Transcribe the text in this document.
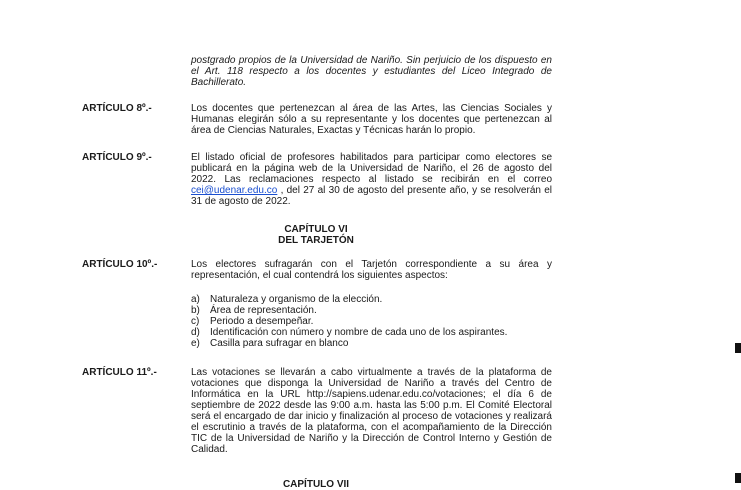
postgrado propios de la Universidad de Nariño. Sin perjuicio de los dispuesto en el Art. 118 respecto a los docentes y estudiantes del Liceo Integrado de Bachillerato.
ARTÍCULO 8º.-	Los docentes que pertenezcan al área de las Artes, las Ciencias Sociales y Humanas elegirán sólo a su representante y los docentes que pertenezcan al área de Ciencias Naturales, Exactas y Técnicas harán lo propio.
ARTÍCULO 9º.-	El listado oficial de profesores habilitados para participar como electores se publicará en la página web de la Universidad de Nariño, el 26 de agosto del 2022. Las reclamaciones respecto al listado se recibirán en el correo cei@udenar.edu.co , del 27 al 30 de agosto del presente año, y se resolverán el 31 de agosto de 2022.
CAPÍTULO VI
DEL TARJETÓN
ARTÍCULO 10º.-	Los electores sufragarán con el Tarjetón correspondiente a su área y representación, el cual contendrá los siguientes aspectos:
a) Naturaleza y organismo de la elección.
b) Área de representación.
c) Periodo a desempeñar.
d) Identificación con número y nombre de cada uno de los aspirantes.
e) Casilla para sufragar en blanco
ARTÍCULO 11º.-	Las votaciones se llevarán a cabo virtualmente a través de la plataforma de votaciones que disponga la Universidad de Nariño a través del Centro de Informática en la URL http://sapiens.udenar.edu.co/votaciones; el día 6 de septiembre de 2022 desde las 9:00 a.m. hasta las 5:00 p.m. El Comité Electoral será el encargado de dar inicio y finalización al proceso de votaciones y realizará el escrutinio a través de la plataforma, con el acompañamiento de la Dirección TIC de la Universidad de Nariño y la Dirección de Control Interno y Gestión de Calidad.
CAPÍTULO VII
